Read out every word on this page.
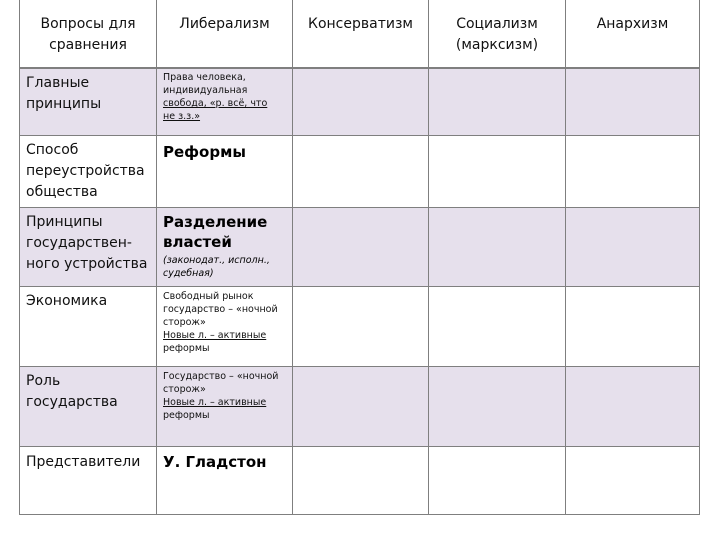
Вопросы для сравнения	Либерализм	Консерватизм	Социализм (марксизм)	Анархизм

Главные принципы	Права человека,
индивидуальная
свобода, «р. всё, что
не з.з.»			

Способ переустройства общества	Реформы			

Принципы государствен-ного устройства	Разделение властей
(законодат., исполн., судебная)			

Экономика	Свободный рынок
государство – «ночной
сторож»
Новые л. – активные
реформы			

Роль государства	Государство – «ночной
сторож»
Новые л. – активные
реформы			

Представители	У. Гладстон			
